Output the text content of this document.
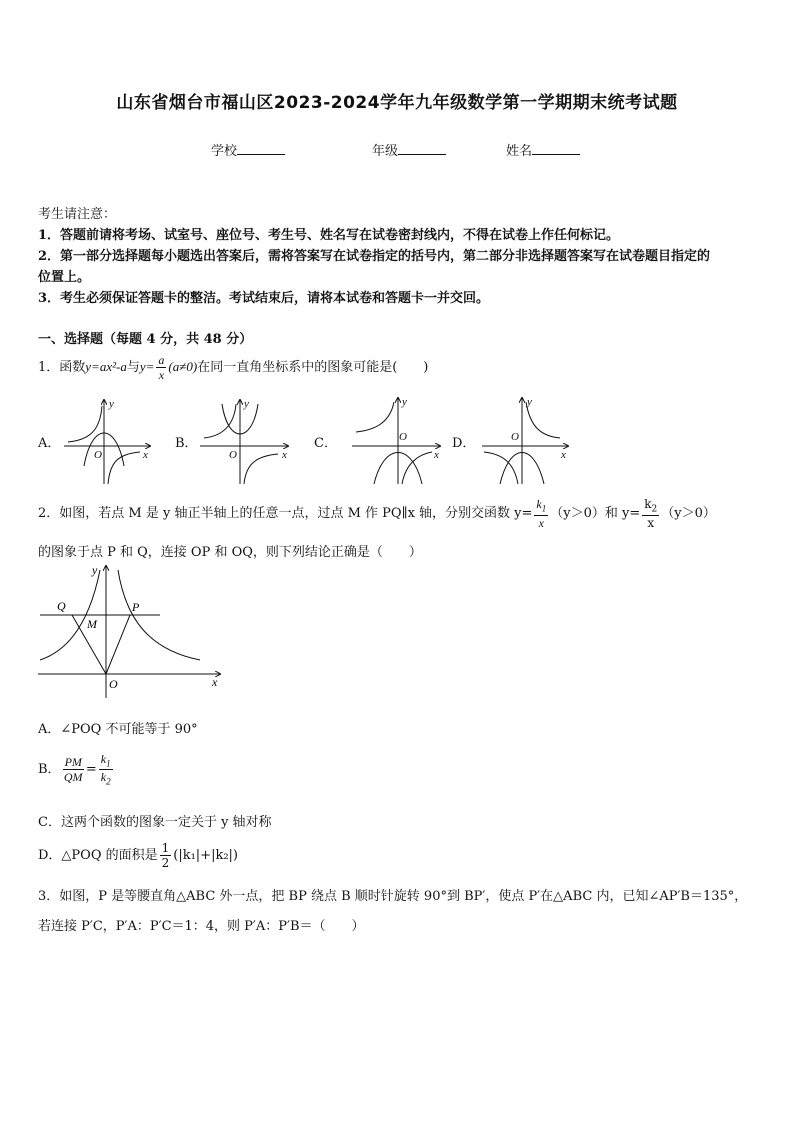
山东省烟台市福山区2023-2024学年九年级数学第一学期期末统考试题
学校	年级	姓名
考生请注意：
1．答题前请将考场、试室号、座位号、考生号、姓名写在试卷密封线内，不得在试卷上作任何标记。
2．第一部分选择题每小题选出答案后，需将答案写在试卷指定的括号内，第二部分非选择题答案写在试卷题目指定的
位置上。
3．考生必须保证答题卡的整洁。考试结束后，请将本试卷和答题卡一并交回。
一、选择题（每题 4 分，共 48 分）
1．函数y=ax²-a与$y= \frac{a}{x} (a\ne 0)$在同一直角坐标系中的图象可能是(　　)
A．	B．	C．	D．
y
x
O
y
x
O
y
x
O
y
x
O
2．如图，若点 M 是 y 轴正半轴上的任意一点，过点 M 作 PQ∥x 轴，分别交函数 $y= \frac{k_1}{x} (y>0)$和 $y= \frac{k_2}{x} (y>0)$
的图象于点 P 和 Q，连接 OP 和 OQ，则下列结论正确是（　　）
Q	P
M
O	x
y
A．∠POQ 不可能等于 90°
B． $\frac{PM}{QM} = \frac{k_1}{k_2}$
C．这两个函数的图象一定关于 y 轴对称
D．△POQ 的面积是 $\frac{1}{2} (|k_1|+|k_2|)$
3．如图，P 是等腰直角△ABC 外一点，把 BP 绕点 B 顺时针旋转 90°到 BP′，使点 P′在△ABC 内，已知∠AP′B＝135°，
若连接 P′C，P′A：P′C＝1：4，则 P′A：P′B＝（　　）
